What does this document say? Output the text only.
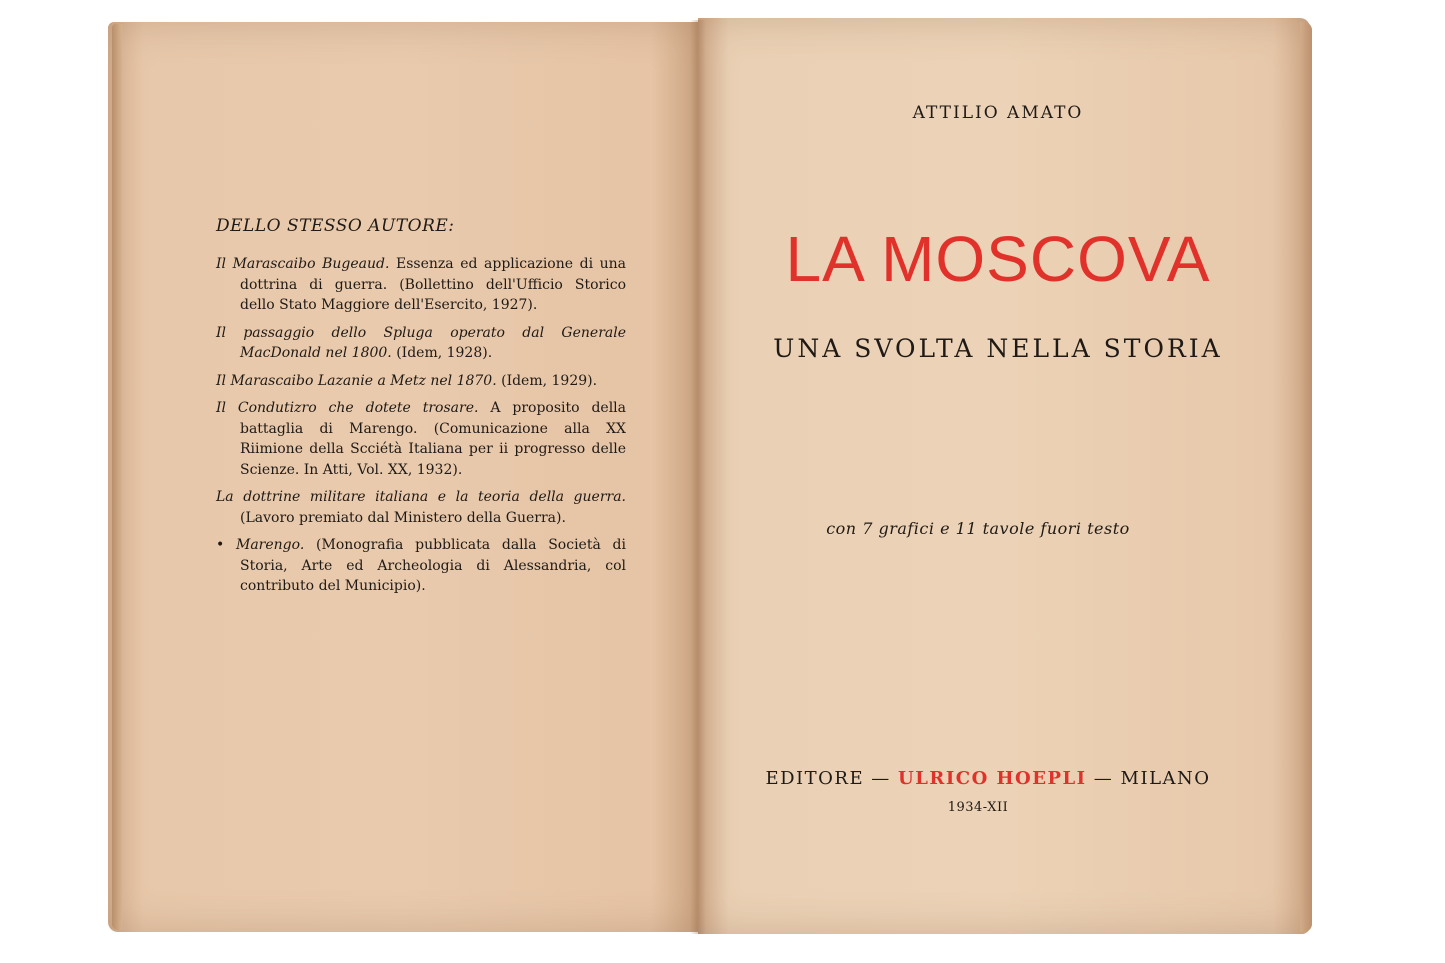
DELLO STESSO AUTORE:
Il Marascaibo Bugeaud. Essenza ed applicazione di una dottrina di guerra. (Bollettino dell'Ufficio Storico dello Stato Maggiore dell'Esercito, 1927).
Il passaggio dello Spluga operato dal Generale MacDonald nel 1800. (Idem, 1928).
Il Marascaibo Lazanie a Metz nel 1870. (Idem, 1929).
Il Condutizro che dotete trosare. A proposito della battaglia di Marengo. (Comunicazione alla XX Riimione della Scciétà Italiana per ii progresso delle Scienze. In Atti, Vol. XX, 1932).
La dottrine militare italiana e la teoria della guerra. (Lavoro premiato dal Ministero della Guerra).
• Marengo. (Monografia pubblicata dalla Società di Storia, Arte ed Archeologia di Alessandria, col contributo del Municipio).
ATTILIO AMATO
LA MOSCOVA
UNA SVOLTA NELLA STORIA
con 7 grafici e 11 tavole fuori testo
EDITORE — ULRICO HOEPLI — MILANO
1934-XII
